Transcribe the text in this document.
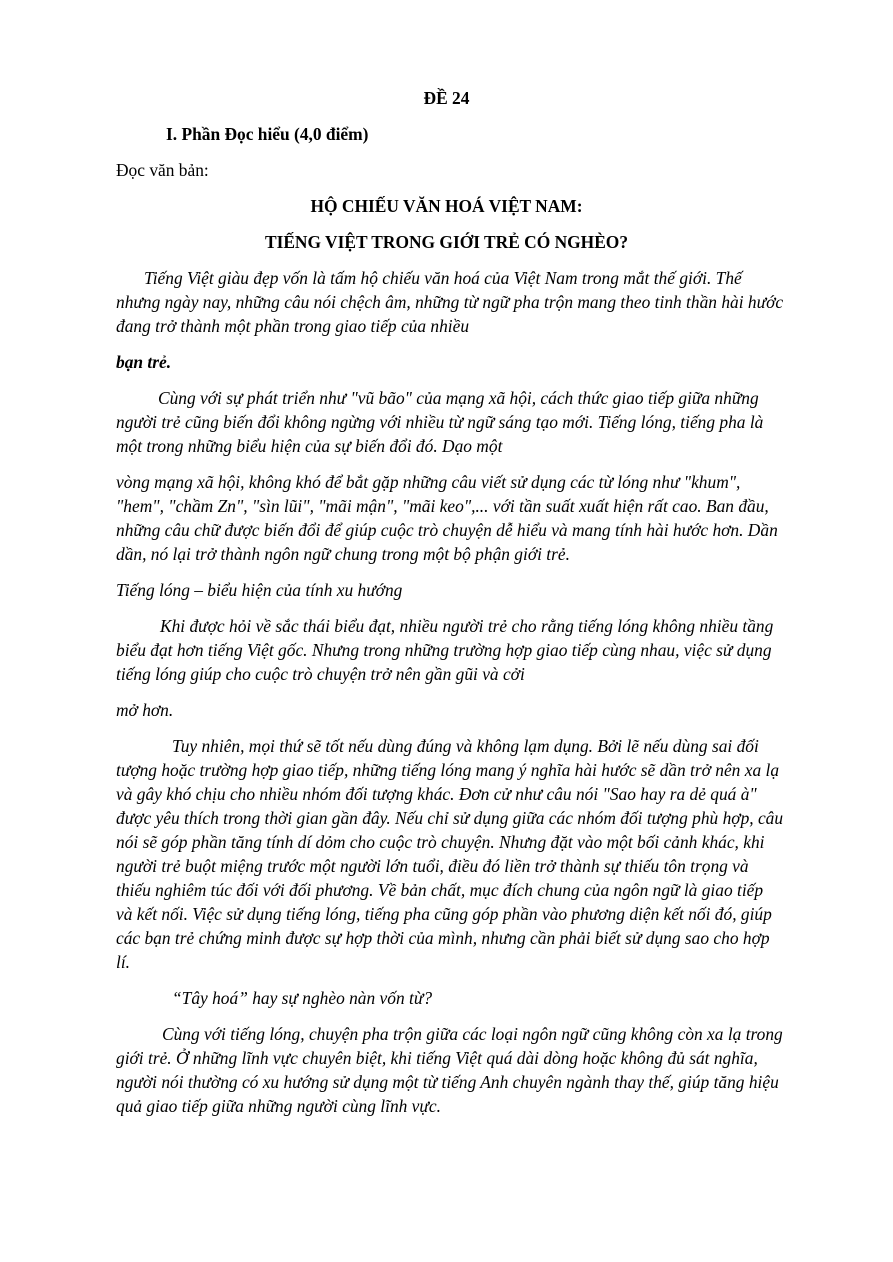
ĐỀ 24
I. Phần Đọc hiểu (4,0 điểm)
Đọc văn bản:
HỘ CHIẾU VĂN HOÁ VIỆT NAM:
TIẾNG VIỆT TRONG GIỚI TRẺ CÓ NGHÈO?
Tiếng Việt giàu đẹp vốn là tấm hộ chiếu văn hoá của Việt Nam trong mắt thế giới. Thế
nhưng ngày nay, những câu nói chệch âm, những từ ngữ pha trộn mang theo tinh thần hài hước
đang trở thành một phần trong giao tiếp của nhiều
bạn trẻ.
Cùng với sự phát triển như "vũ bão" của mạng xã hội, cách thức giao tiếp giữa những
người trẻ cũng biến đổi không ngừng với nhiều từ ngữ sáng tạo mới. Tiếng lóng, tiếng pha là
một trong những biểu hiện của sự biến đổi đó. Dạo một
vòng mạng xã hội, không khó để bắt gặp những câu viết sử dụng các từ lóng như "khum",
"hem", "chầm Zn", "sìn lũi", "mãi mận", "mãi keo",... với tần suất xuất hiện rất cao. Ban đầu,
những câu chữ được biến đổi để giúp cuộc trò chuyện dễ hiểu và mang tính hài hước hơn. Dần
dần, nó lại trở thành ngôn ngữ chung trong một bộ phận giới trẻ.
Tiếng lóng – biểu hiện của tính xu hướng
Khi được hỏi về sắc thái biểu đạt, nhiều người trẻ cho rằng tiếng lóng không nhiều tầng
biểu đạt hơn tiếng Việt gốc. Nhưng trong những trường hợp giao tiếp cùng nhau, việc sử dụng
tiếng lóng giúp cho cuộc trò chuyện trở nên gần gũi và cởi
mở hơn.
Tuy nhiên, mọi thứ sẽ tốt nếu dùng đúng và không lạm dụng. Bởi lẽ nếu dùng sai đối
tượng hoặc trường hợp giao tiếp, những tiếng lóng mang ý nghĩa hài hước sẽ dần trở nên xa lạ
và gây khó chịu cho nhiều nhóm đối tượng khác. Đơn cử như câu nói "Sao hay ra dẻ quá à"
được yêu thích trong thời gian gần đây. Nếu chỉ sử dụng giữa các nhóm đối tượng phù hợp, câu
nói sẽ góp phần tăng tính dí dỏm cho cuộc trò chuyện. Nhưng đặt vào một bối cảnh khác, khi
người trẻ buột miệng trước một người lớn tuổi, điều đó liền trở thành sự thiếu tôn trọng và
thiếu nghiêm túc đối với đối phương. Về bản chất, mục đích chung của ngôn ngữ là giao tiếp
và kết nối. Việc sử dụng tiếng lóng, tiếng pha cũng góp phần vào phương diện kết nối đó, giúp
các bạn trẻ chứng minh được sự hợp thời của mình, nhưng cần phải biết sử dụng sao cho hợp
lí.
“Tây hoá” hay sự nghèo nàn vốn từ?
Cùng với tiếng lóng, chuyện pha trộn giữa các loại ngôn ngữ cũng không còn xa lạ trong
giới trẻ. Ở những lĩnh vực chuyên biệt, khi tiếng Việt quá dài dòng hoặc không đủ sát nghĩa,
người nói thường có xu hướng sử dụng một từ tiếng Anh chuyên ngành thay thế, giúp tăng hiệu
quả giao tiếp giữa những người cùng lĩnh vực.
